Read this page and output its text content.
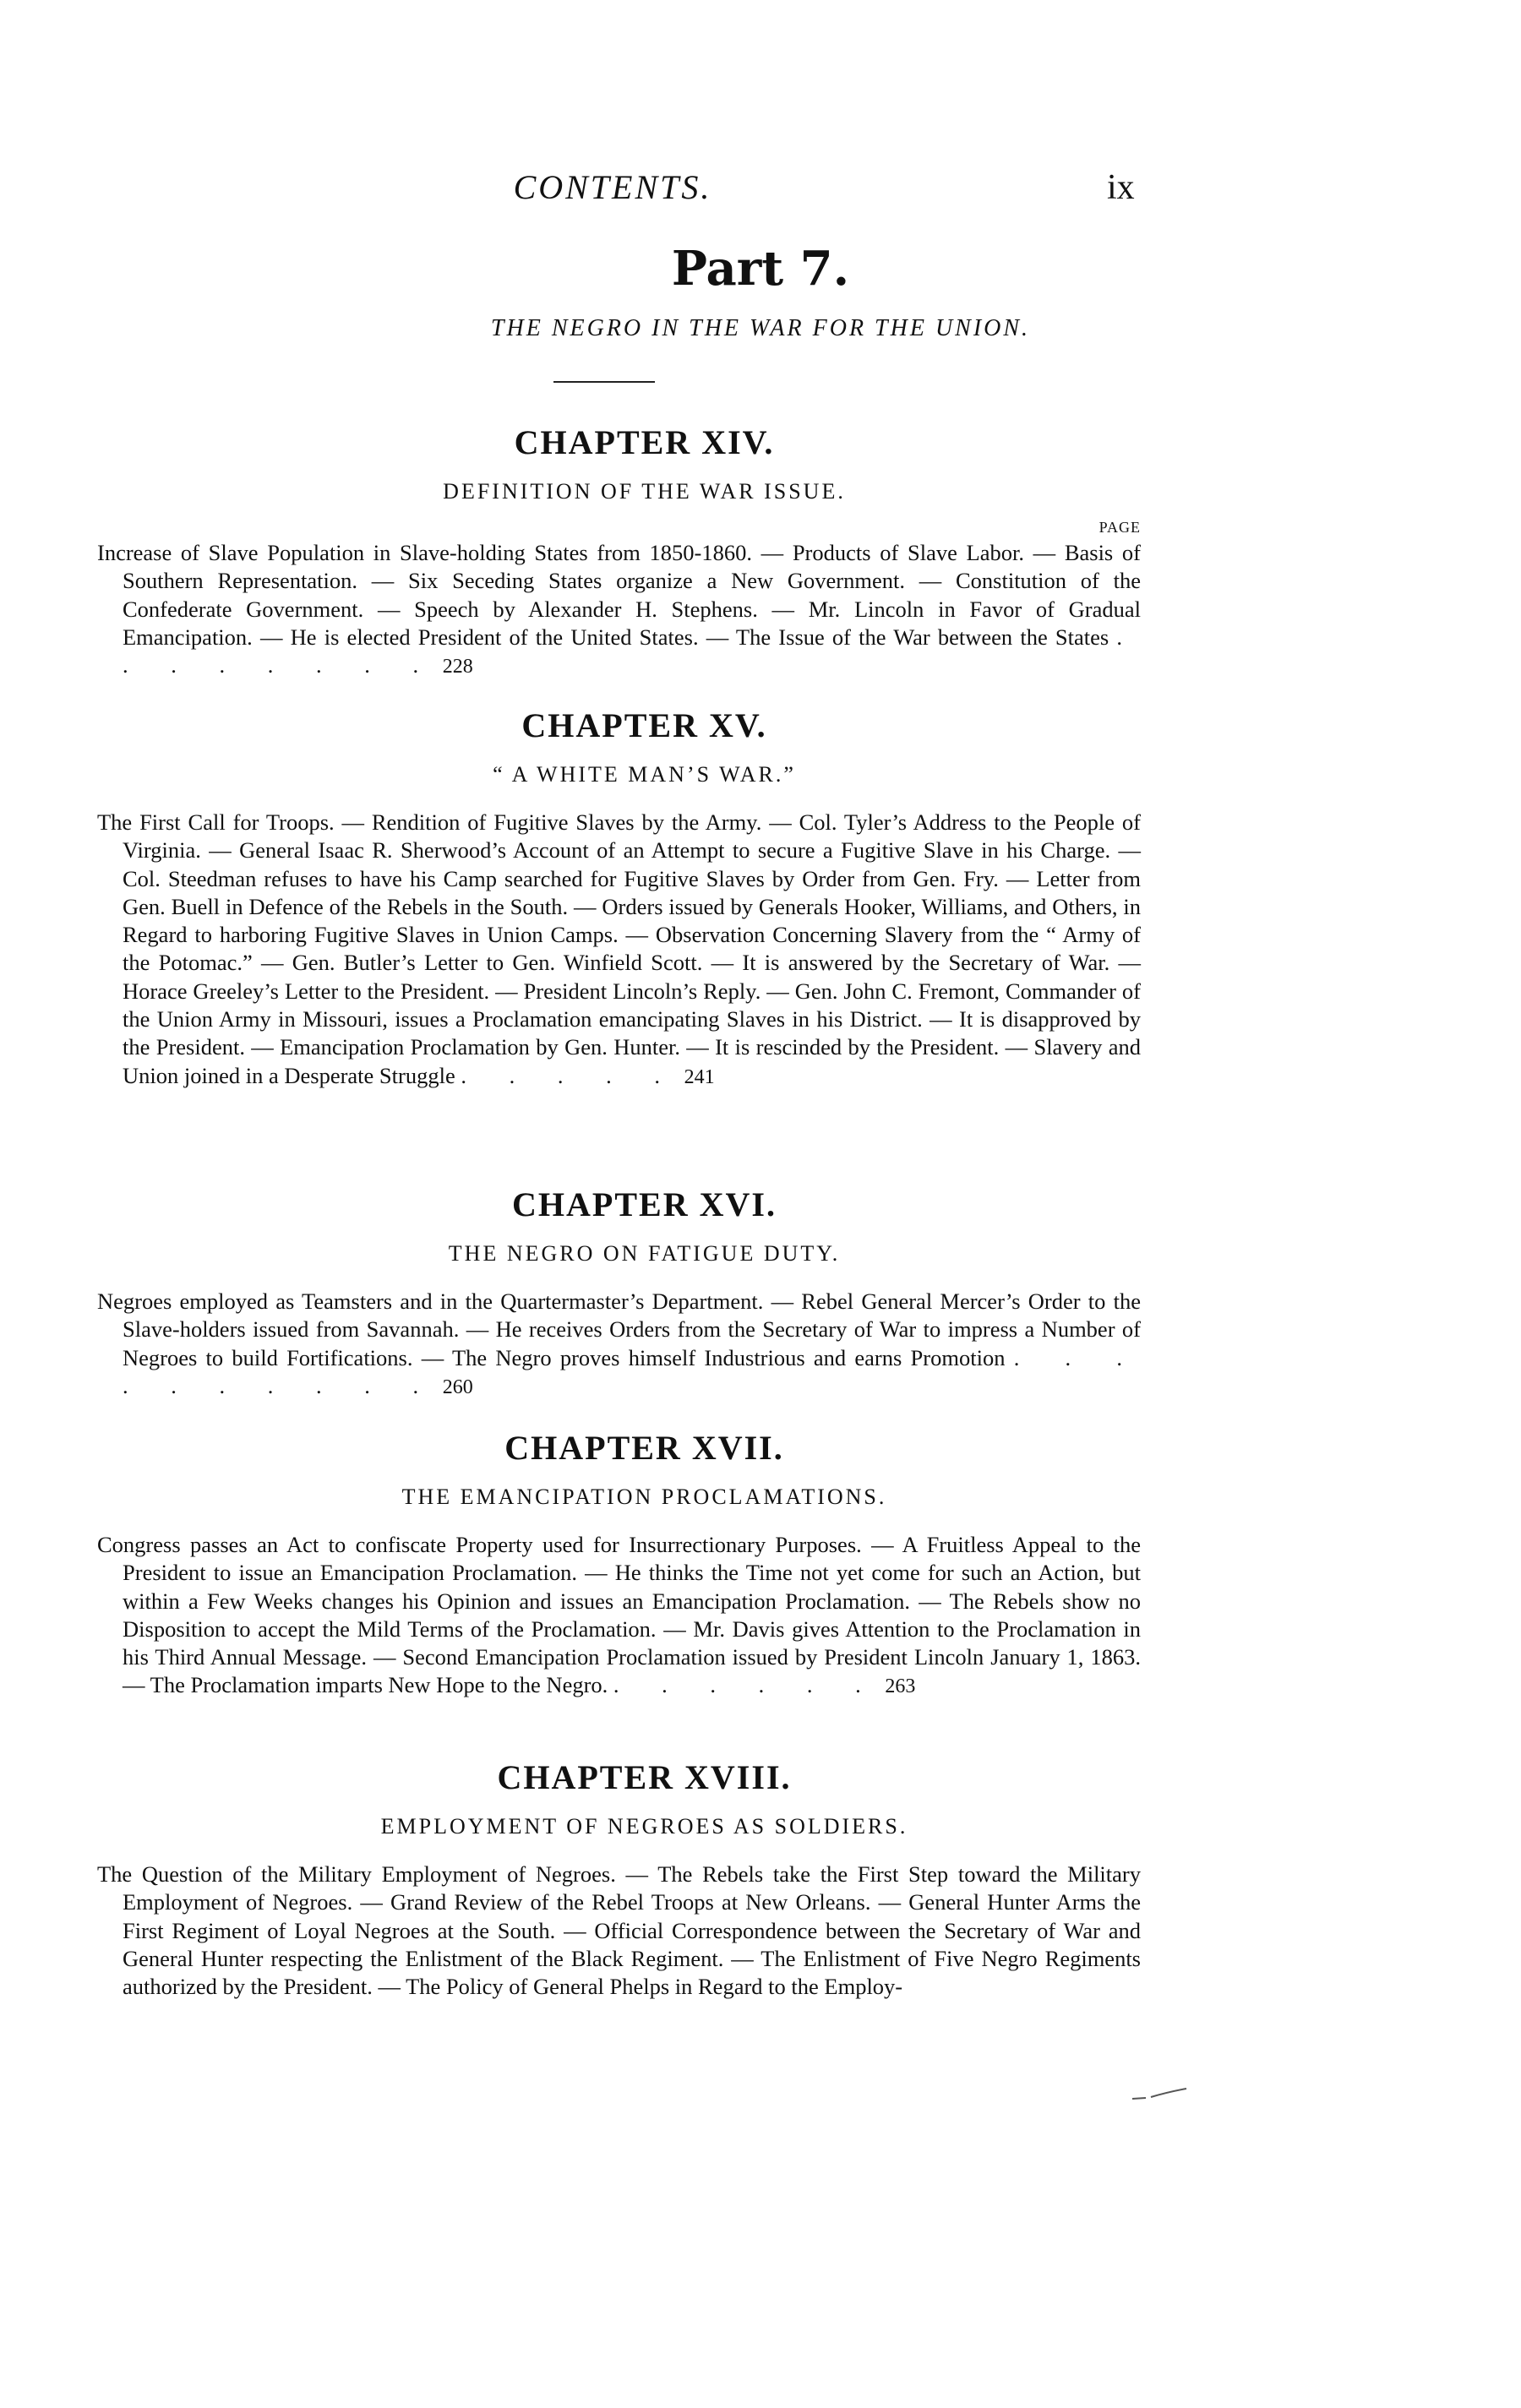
CONTENTS.	ix
Part 7.
THE NEGRO IN THE WAR FOR THE UNION.
CHAPTER XIV.
DEFINITION OF THE WAR ISSUE.
PAGE

Increase of Slave Population in Slave-holding States from 1850-1860. — Products of Slave Labor. — Basis of Southern Representation. — Six Seceding States organize a New Government. — Constitution of the Confederate Government. — Speech by Alexander H. Stephens. — Mr. Lincoln in Favor of Gradual Emancipation. — He is elected President of the United States. — The Issue of the War between the States . . . . . . . . 228

CHAPTER XV.
“ A WHITE MAN’S WAR.”

The First Call for Troops. — Rendition of Fugitive Slaves by the Army. — Col. Tyler’s Address to the People of Virginia. — General Isaac R. Sherwood’s Account of an Attempt to secure a Fugitive Slave in his Charge. — Col. Steedman refuses to have his Camp searched for Fugitive Slaves by Order from Gen. Fry. — Letter from Gen. Buell in Defence of the Rebels in the South. — Orders issued by Generals Hooker, Williams, and Others, in Regard to harboring Fugitive Slaves in Union Camps. — Observation Concerning Slavery from the “ Army of the Potomac.” — Gen. Butler’s Letter to Gen. Winfield Scott. — It is answered by the Secretary of War. — Horace Greeley’s Letter to the President. — President Lincoln’s Reply. — Gen. John C. Fremont, Commander of the Union Army in Missouri, issues a Proclamation emancipating Slaves in his District. — It is disapproved by the President. — Emancipation Proclamation by Gen. Hunter. — It is rescinded by the President. — Slavery and Union joined in a Desperate Struggle . . . . . 241

CHAPTER XVI.
THE NEGRO ON FATIGUE DUTY.

Negroes employed as Teamsters and in the Quartermaster’s Department. — Rebel General Mercer’s Order to the Slave-holders issued from Savannah. — He receives Orders from the Secretary of War to impress a Number of Negroes to build Fortifications. — The Negro proves himself Industrious and earns Promotion . . . . . . . . . . 260

CHAPTER XVII.
THE EMANCIPATION PROCLAMATIONS.

Congress passes an Act to confiscate Property used for Insurrectionary Purposes. — A Fruitless Appeal to the President to issue an Emancipation Proclamation. — He thinks the Time not yet come for such an Action, but within a Few Weeks changes his Opinion and issues an Emancipation Proclamation. — The Rebels show no Disposition to accept the Mild Terms of the Proclamation. — Mr. Davis gives Attention to the Proclamation in his Third Annual Message. — Second Emancipation Proclamation issued by President Lincoln January 1, 1863. — The Proclamation imparts New Hope to the Negro. . . . . . . 263

CHAPTER XVIII.
EMPLOYMENT OF NEGROES AS SOLDIERS.

The Question of the Military Employment of Negroes. — The Rebels take the First Step toward the Military Employment of Negroes. — Grand Review of the Rebel Troops at New Orleans. — General Hunter Arms the First Regiment of Loyal Negroes at the South. — Official Correspondence between the Secretary of War and General Hunter respecting the Enlistment of the Black Regiment. — The Enlistment of Five Negro Regiments authorized by the President. — The Policy of General Phelps in Regard to the Employ-
